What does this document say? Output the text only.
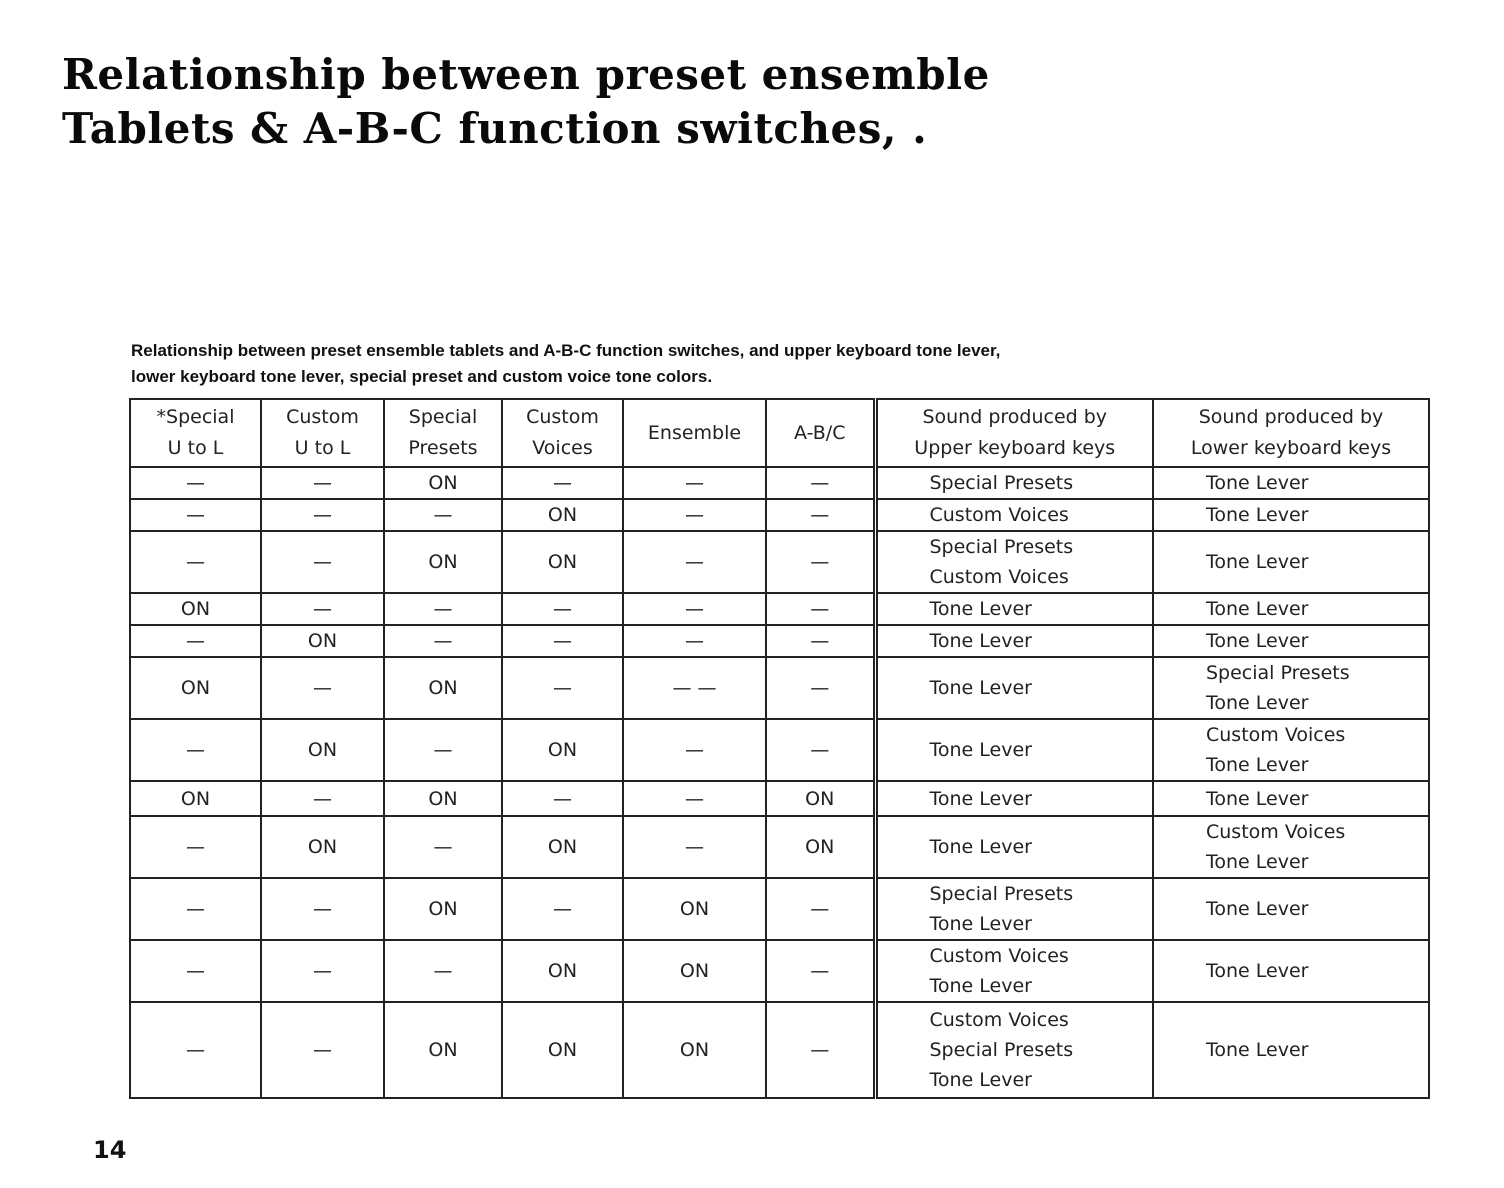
Relationship between preset ensemble
Tablets & A-B-C function switches, .

Relationship between preset ensemble tablets and A-B-C function switches, and upper keyboard tone lever,
lower keyboard tone lever, special preset and custom voice tone colors.

*Special
U to L	Custom
U to L	Special
Presets	Custom
Voices	Ensemble	A-B/C	Sound produced by
Upper keyboard keys	Sound produced by
Lower keyboard keys

—	—	ON	—	—	—	Special Presets	Tone Lever

—	—	—	ON	—	—	Custom Voices	Tone Lever

—	—	ON	ON	—	—	Special Presets
Custom Voices	Tone Lever

ON	—	—	—	—	—	Tone Lever	Tone Lever

—	ON	—	—	—	—	Tone Lever	Tone Lever

ON	—	ON	—	— —	—	Tone Lever	Special Presets
Tone Lever

—	ON	—	ON	—	—	Tone Lever	Custom Voices
Tone Lever

ON	—	ON	—	—	ON	Tone Lever	Tone Lever

—	ON	—	ON	—	ON	Tone Lever	Custom Voices
Tone Lever

—	—	ON	—	ON	—	Special Presets
Tone Lever	Tone Lever

—	—	—	ON	ON	—	Custom Voices
Tone Lever	Tone Lever

—	—	ON	ON	ON	—	Custom Voices
Special Presets
Tone Lever	Tone Lever

14
